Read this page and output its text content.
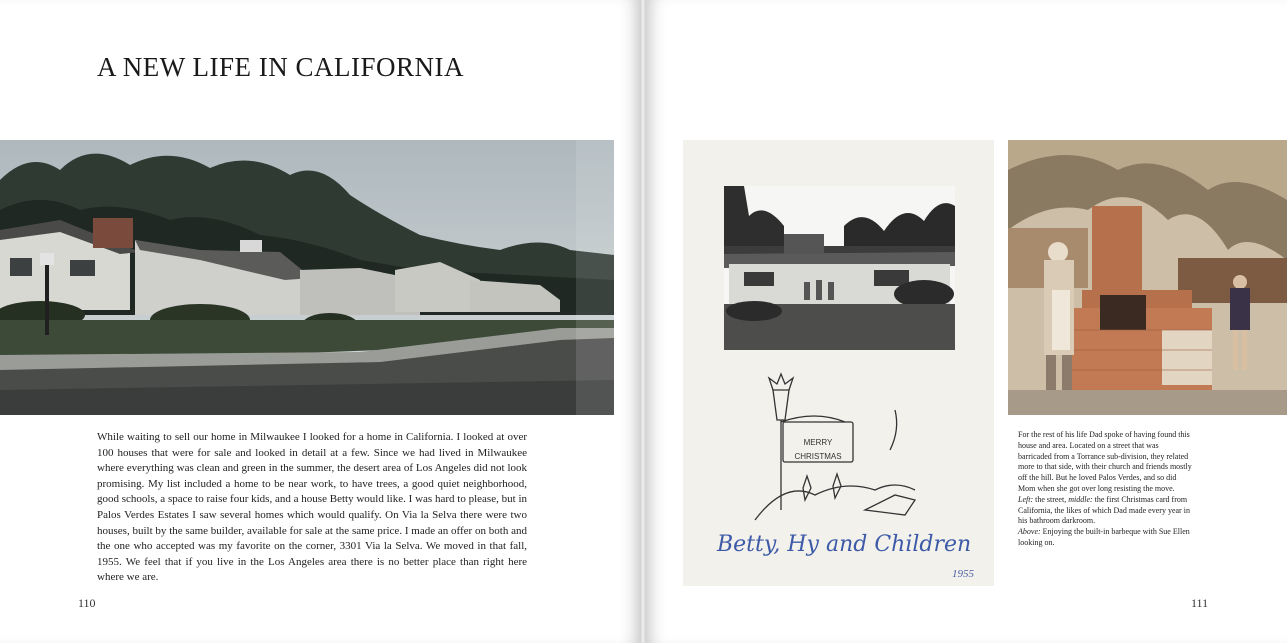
A NEW LIFE IN CALIFORNIA
While waiting to sell our home in Milwaukee I looked for a home in California. I looked at over 100 houses that were for sale and looked in detail at a few. Since we had lived in Milwaukee where everything was clean and green in the summer, the desert area of Los Angeles did not look promising. My list included a home to be near work, to have trees, a good quiet neighborhood, good schools, a space to raise four kids, and a house Betty would like. I was hard to please, but in Palos Verdes Estates I saw several homes which would qualify. On Via la Selva there were two houses, built by the same builder, available for sale at the same price. I made an offer on both and the one who accepted was my favorite on the corner, 3301 Via la Selva. We moved in that fall, 1955. We feel that if you live in the Los Angeles area there is no better place than right here where we are.
110
MERRY
CHRISTMAS
Betty, Hy and Children
1955
For the rest of his life Dad spoke of having found this house and area. Located on a street that was barricaded from a Torrance sub-division, they related more to that side, with their church and friends mostly off the hill. But he loved Palos Verdes, and so did Mom when she got over long resisting the move.
Left: the street, middle: the first Christmas card from California, the likes of which Dad made every year in his bathroom darkroom.
Above: Enjoying the built-in barbeque with Sue Ellen looking on.
111
